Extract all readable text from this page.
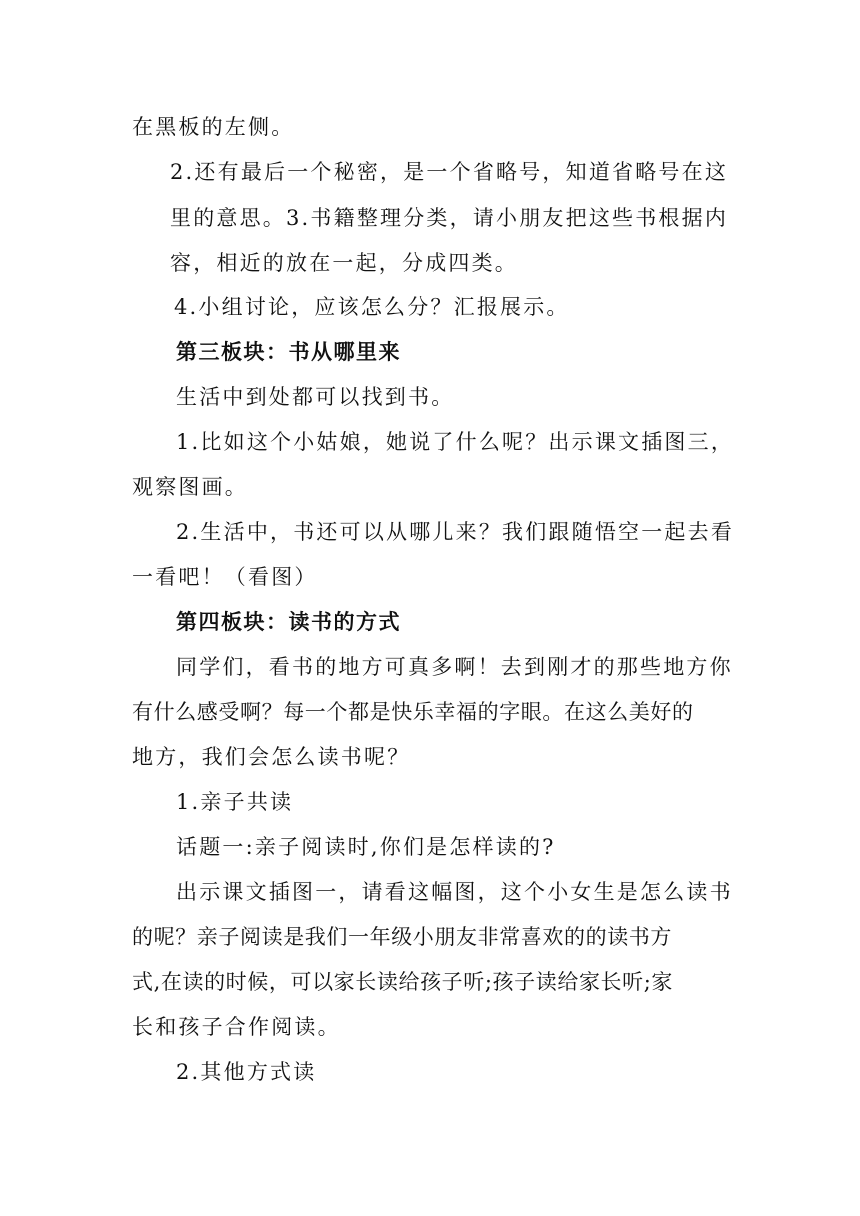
在黑板的左侧。
2.还有最后一个秘密，是一个省略号，知道省略号在这
里的意思。3.书籍整理分类，请小朋友把这些书根据内
容，相近的放在一起，分成四类。
4.小组讨论，应该怎么分？汇报展示。
第三板块：书从哪里来
生活中到处都可以找到书。
1.比如这个小姑娘，她说了什么呢？出示课文插图三，
观察图画。
2.生活中，书还可以从哪儿来？我们跟随悟空一起去看
一看吧！（看图）
第四板块：读书的方式
同学们，看书的地方可真多啊！去到刚才的那些地方你
有什么感受啊？每一个都是快乐幸福的字眼。在这么美好的
地方，我们会怎么读书呢？
1.亲子共读
话题一:亲子阅读时,你们是怎样读的?
出示课文插图一，请看这幅图，这个小女生是怎么读书
的呢？亲子阅读是我们一年级小朋友非常喜欢的的读书方
式,在读的时候，可以家长读给孩子听;孩子读给家长听;家
长和孩子合作阅读。
2.其他方式读
